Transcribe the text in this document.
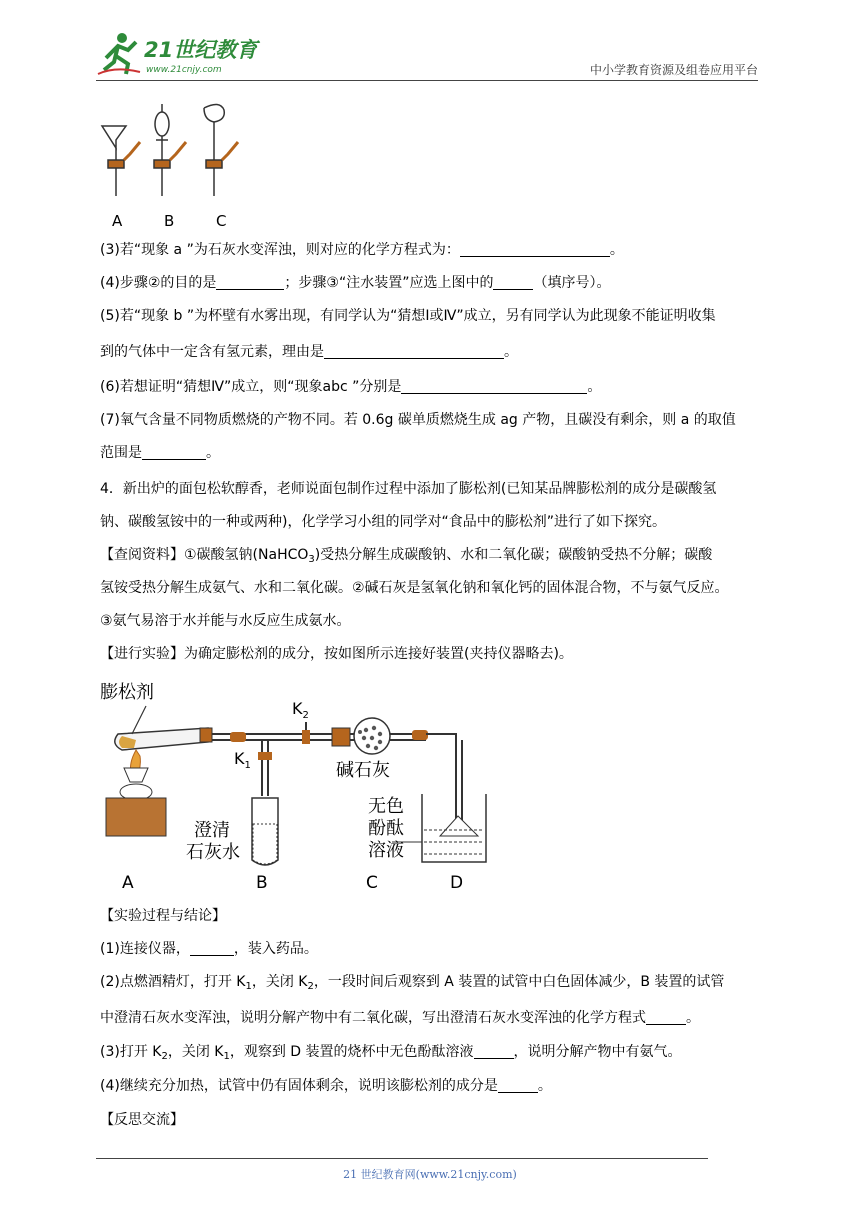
21世纪教育
www.21cnjy.com	中小学教育资源及组卷应用平台
A	B	C
(3)若“现象 a ”为石灰水变浑浊，则对应的化学方程式为：	。
(4)步骤②的目的是	；步骤③“注水装置”应选上图中的	（填序号）。
(5)若“现象 b ”为杯壁有水雾出现，有同学认为“猜想Ⅰ或Ⅳ”成立，另有同学认为此现象不能证明收集
到的气体中一定含有氢元素，理由是	。
(6)若想证明“猜想Ⅳ”成立，则“现象abc ”分别是	。
(7)氧气含量不同物质燃烧的产物不同。若 0.6g 碳单质燃烧生成 ag 产物，且碳没有剩余，则 a 的取值
范围是	。
4．新出炉的面包松软醇香，老师说面包制作过程中添加了膨松剂(已知某品牌膨松剂的成分是碳酸氢
钠、碳酸氢铵中的一种或两种)，化学学习小组的同学对“食品中的膨松剂”进行了如下探究。
【查阅资料】①碳酸氢钠(NaHCO$_3$)受热分解生成碳酸钠、水和二氧化碳；碳酸钠受热不分解；碳酸
氢铵受热分解生成氨气、水和二氧化碳。②碱石灰是氢氧化钠和氧化钙的固体混合物，不与氨气反应。
③氨气易溶于水并能与水反应生成氨水。
【进行实验】为确定膨松剂的成分，按如图所示连接好装置(夹持仪器略去)。
膨松剂
$K_2$
$K_1$
澄清
石灰水
碱石灰
无色
酚酞
溶液
A	B	C	D
【实验过程与结论】
(1)连接仪器，	，装入药品。
(2)点燃酒精灯，打开 $K_1$，关闭 $K_2$，一段时间后观察到 A 装置的试管中白色固体减少，B 装置的试管
中澄清石灰水变浑浊，说明分解产物中有二氧化碳，写出澄清石灰水变浑浊的化学方程式	。
(3)打开 $K_2$，关闭 $K_1$，观察到 D 装置的烧杯中无色酚酞溶液	，说明分解产物中有氨气。
(4)继续充分加热，试管中仍有固体剩余，说明该膨松剂的成分是	。
【反思交流】
21 世纪教育网(www.21cnjy.com)
